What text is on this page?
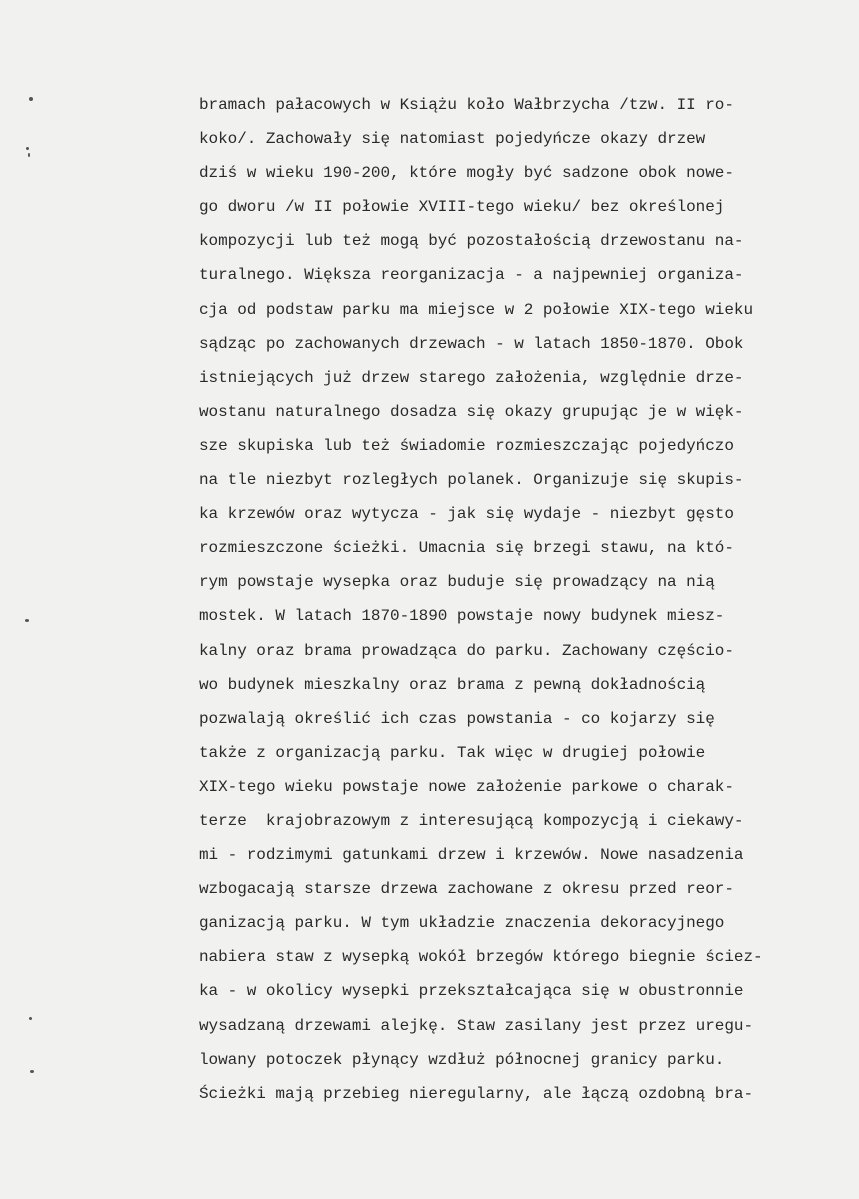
bramach pałacowych w Książu koło Wałbrzycha /tzw. II ro-
koko/. Zachowały się natomiast pojedyńcze okazy drzew
dziś w wieku 190-200, które mogły być sadzone obok nowe-
go dworu /w II połowie XVIII-tego wieku/ bez określonej
kompozycji lub też mogą być pozostałością drzewostanu na-
turalnego. Większa reorganizacja - a najpewniej organiza-
cja od podstaw parku ma miejsce w 2 połowie XIX-tego wieku
sądząc po zachowanych drzewach - w latach 1850-1870. Obok
istniejących już drzew starego założenia, względnie drze-
wostanu naturalnego dosadza się okazy grupując je w więk-
sze skupiska lub też świadomie rozmieszczając pojedyńczo
na tle niezbyt rozległych polanek. Organizuje się skupis-
ka krzewów oraz wytycza - jak się wydaje - niezbyt gęsto
rozmieszczone ścieżki. Umacnia się brzegi stawu, na któ-
rym powstaje wysepka oraz buduje się prowadzący na nią
mostek. W latach 1870-1890 powstaje nowy budynek miesz-
kalny oraz brama prowadząca do parku. Zachowany częścio-
wo budynek mieszkalny oraz brama z pewną dokładnością
pozwalają określić ich czas powstania - co kojarzy się
także z organizacją parku. Tak więc w drugiej połowie
XIX-tego wieku powstaje nowe założenie parkowe o charak-
terze  krajobrazowym z interesującą kompozycją i ciekawy-
mi - rodzimymi gatunkami drzew i krzewów. Nowe nasadzenia
wzbogacają starsze drzewa zachowane z okresu przed reor-
ganizacją parku. W tym układzie znaczenia dekoracyjnego
nabiera staw z wysepką wokół brzegów którego biegnie ściez-
ka - w okolicy wysepki przekształcająca się w obustronnie
wysadzaną drzewami alejkę. Staw zasilany jest przez uregu-
lowany potoczek płynący wzdłuż północnej granicy parku.
Ścieżki mają przebieg nieregularny, ale łączą ozdobną bra-
